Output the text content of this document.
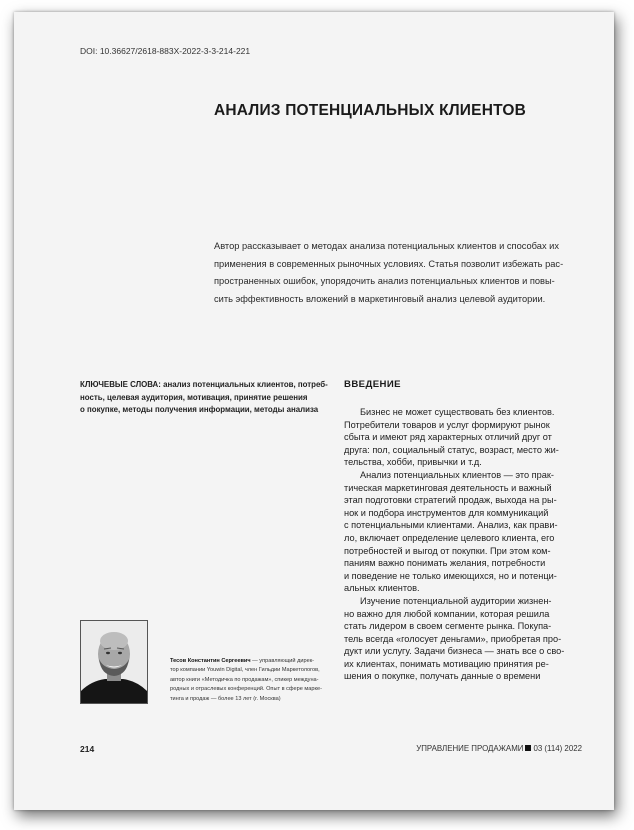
DOI: 10.36627/2618-883X-2022-3-3-214-221
АНАЛИЗ ПОТЕНЦИАЛЬНЫХ КЛИЕНТОВ
Автор рассказывает о методах анализа потенциальных клиентов и способах их
применения в современных рыночных условиях. Статья позволит избежать рас-
пространенных ошибок, упорядочить анализ потенциальных клиентов и повы-
сить эффективность вложений в маркетинговый анализ целевой аудитории.
КЛЮЧЕВЫЕ СЛОВА: анализ потенциальных клиентов, потреб-
ность, целевая аудитория, мотивация, принятие решения
о покупке, методы получения информации, методы анализа
ВВЕДЕНИЕ
Бизнес не может существовать без клиентов.
Потребители товаров и услуг формируют рынок
сбыта и имеют ряд характерных отличий друг от
друга: пол, социальный статус, возраст, место жи-
тельства, хобби, привычки и т.д.
Анализ потенциальных клиентов — это прак-
тическая маркетинговая деятельность и важный
этап подготовки стратегий продаж, выхода на ры-
нок и подбора инструментов для коммуникаций
с потенциальными клиентами. Анализ, как прави-
ло, включает определение целевого клиента, его
потребностей и выгод от покупки. При этом ком-
паниям важно понимать желания, потребности
и поведение не только имеющихся, но и потенци-
альных клиентов.
Изучение потенциальной аудитории жизнен-
но важно для любой компании, которая решила
стать лидером в своем сегменте рынка. Покупа-
тель всегда «голосует деньгами», приобретая про-
дукт или услугу. Задачи бизнеса — знать все о сво-
их клиентах, понимать мотивацию принятия ре-
шения о покупке, получать данные о времени
Тесов Константин Сергеевич — управляющий дирек-
тор компании Youwin Digital, член Гильдии Маркетологов,
автор книги «Методичка по продажам», спикер междуна-
родных и отраслевых конференций. Опыт в сфере марке-
тинга и продаж — более 13 лет (г. Москва)
214	УПРАВЛЕНИЕ ПРОДАЖАМИ 03 (114) 2022
